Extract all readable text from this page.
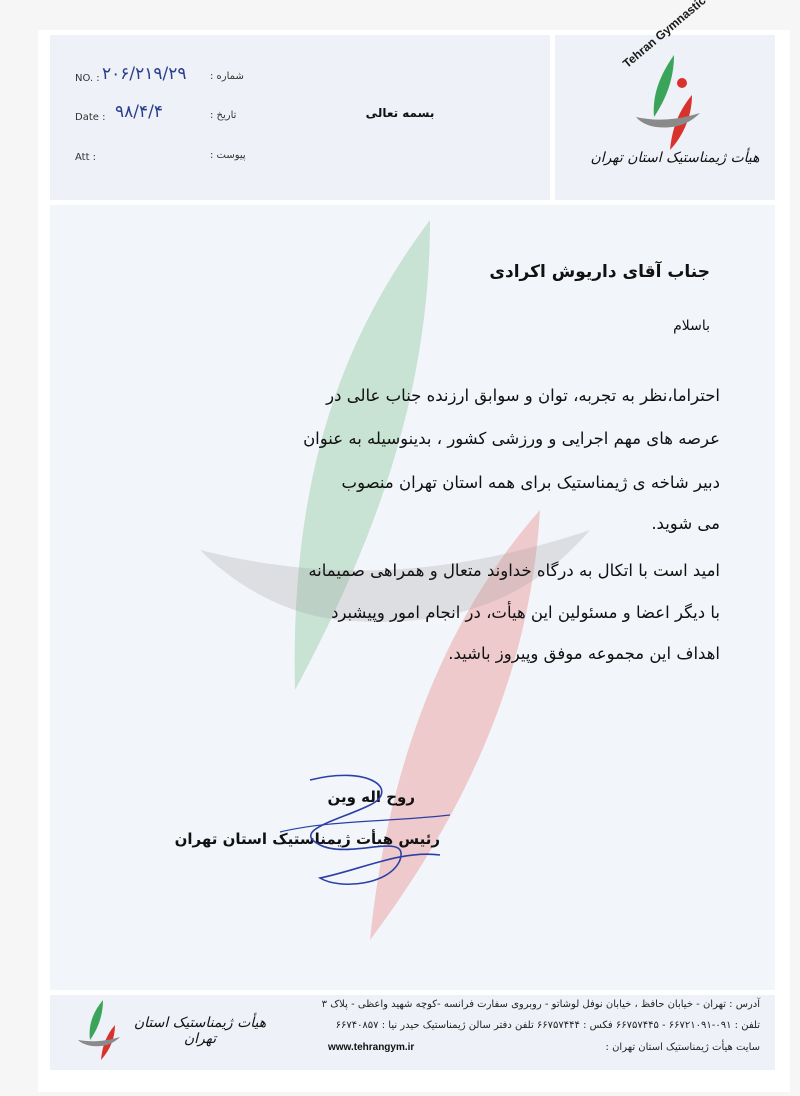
NO. : ۲۰۶/۲۱۹/۲۹ شماره :
Date : ۹۸/۴/۴	تاریخ :
Att :	پیوست :
بسمه تعالی
هیأت ژیمناستیک استان تهران
جناب آقای داریوش اکرادی
باسلام
احتراما،نظر به تجربه، توان و سوابق ارزنده جناب عالی در
عرصه های مهم اجرایی و ورزشی کشور ، بدینوسیله به عنوان
دبیر شاخه ی ژیمناستیک برای همه استان تهران منصوب
می شوید.
امید است با اتکال به درگاه خداوند متعال و همراهی صمیمانه
با دیگر اعضا و مسئولین این هیأت، در انجام امور وپیشبرد
اهداف این مجموعه موفق وپیروز باشید.
روح اله وین
رئیس هیأت ژیمناستیک استان تهران
آدرس : تهران - خیابان حافظ ، خیابان نوفل لوشاتو - روبروی سفارت فرانسه -کوچه شهید واعظی - پلاک ۳
تلفن : ۰۹۱-۶۶۷۲۱۰۹۱ - ۶۶۷۵۷۴۴۵ فکس : ۶۶۷۵۷۴۴۴ تلفن دفتر سالن ژیمناستیک حیدر نیا : ۶۶۷۴۰۸۵۷
سایت هیأت ژیمناستیک استان تهران :
www.tehrangym.ir
هیأت ژیمناستیک استان تهران
